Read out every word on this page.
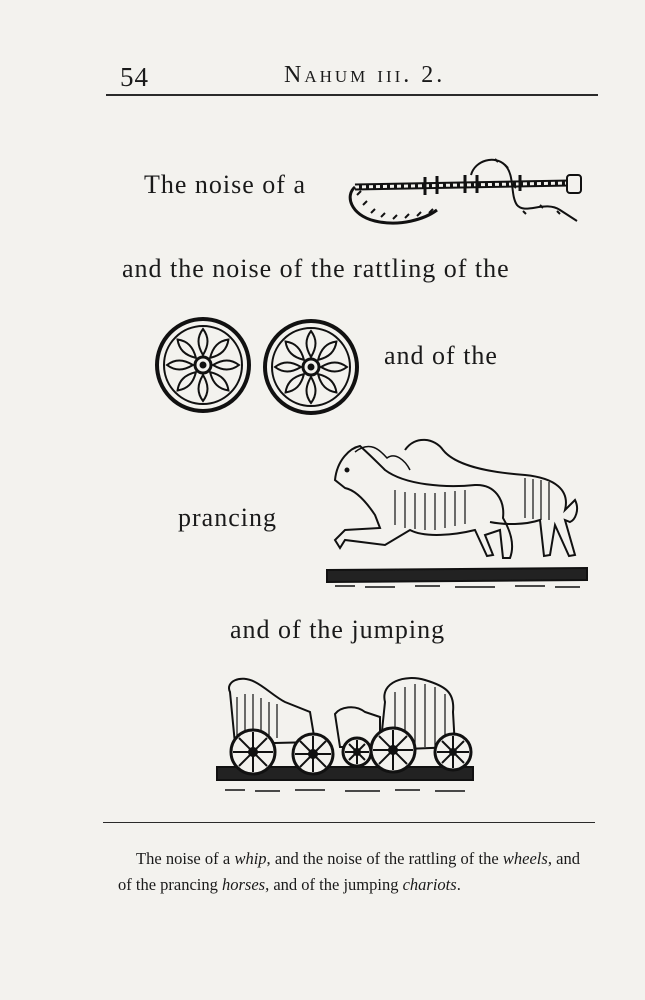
54	Nahum iii. 2.
The noise of a
and the noise of the rattling of the
and of the
prancing
and of the jumping

The noise of a whip, and the noise of the rattling of the wheels, and of the prancing horses, and of the jumping chariots.
